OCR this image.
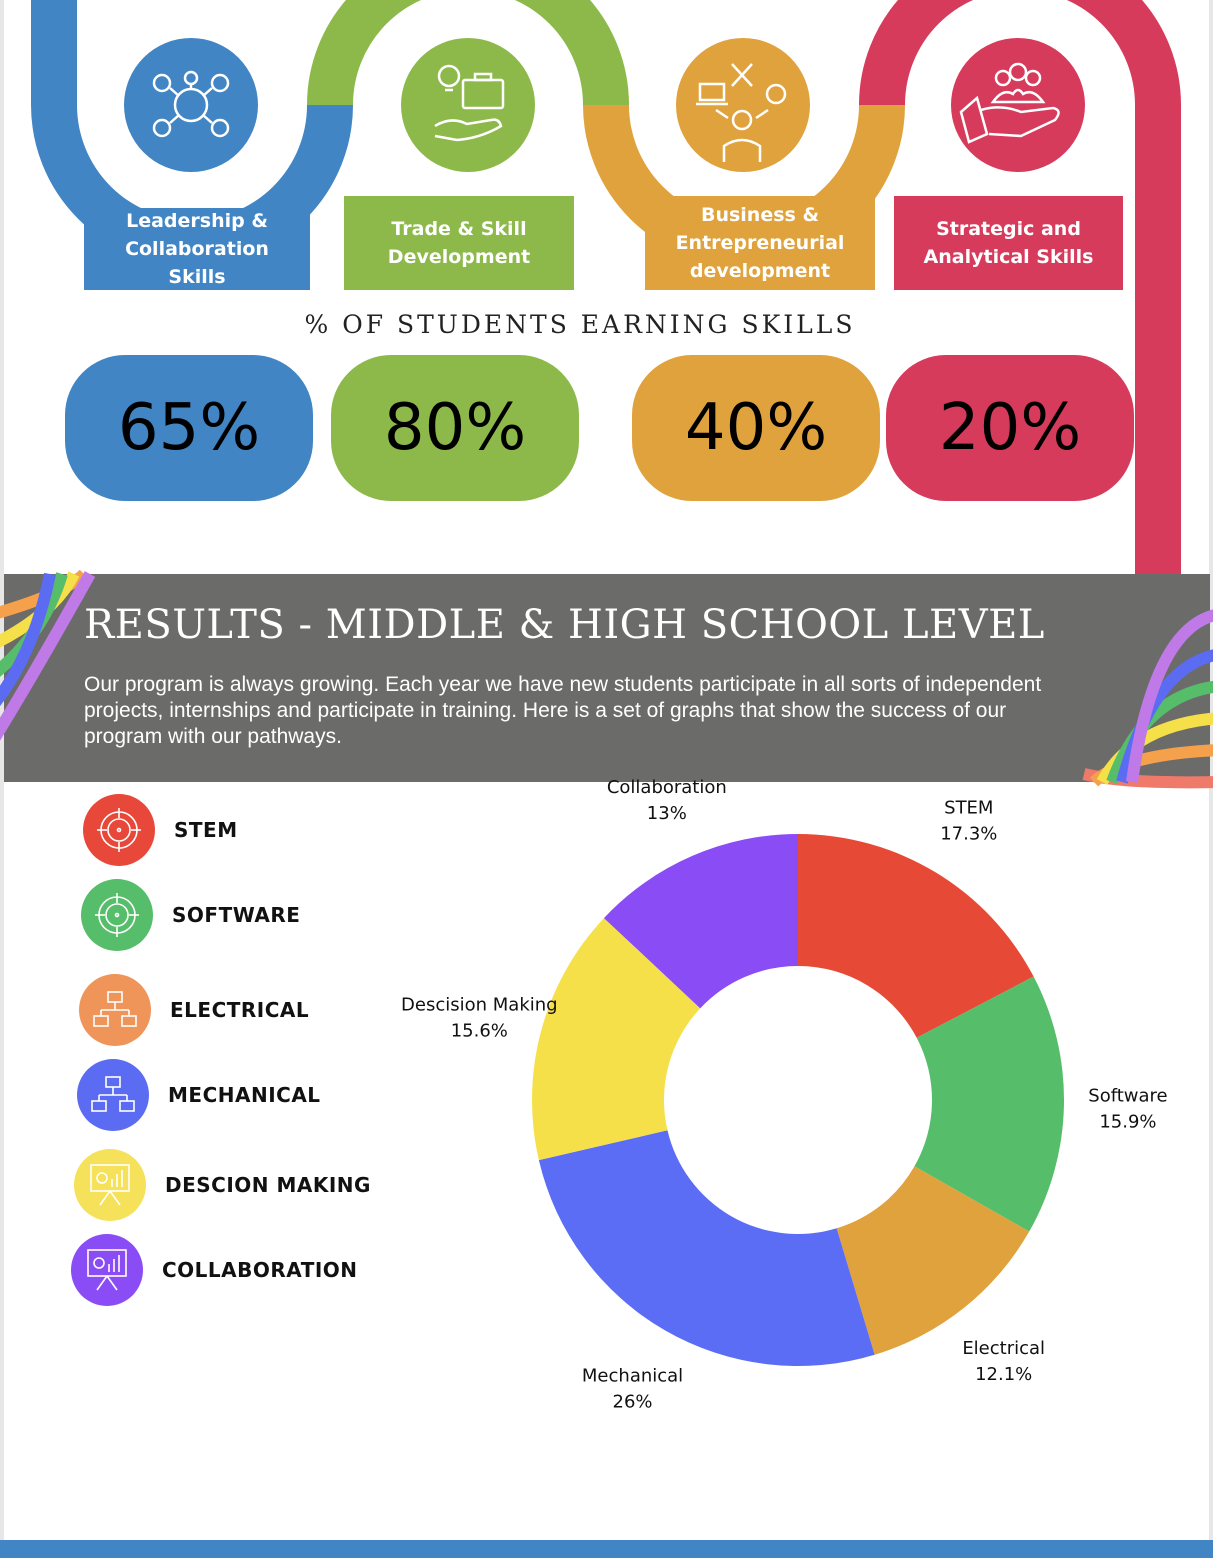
Leadership &
Collaboration Skills
Trade & Skill
Development
Business &
Entrepreneurial
development
Strategic and
Analytical Skills
% OF STUDENTS EARNING SKILLS
65%	80%	40%	20%
RESULTS - MIDDLE & HIGH SCHOOL LEVEL
Our program is always growing. Each year we have new students participate in all sorts of independent projects, internships and participate in training. Here is a set of graphs that show the success of our program with our pathways.
STEM
SOFTWARE
ELECTRICAL
MECHANICAL
DESCION MAKING
COLLABORATION
STEM
17.3%
Software
15.9%
Electrical
12.1%
Mechanical
26%
Descision Making
15.6%
Collaboration
13%
